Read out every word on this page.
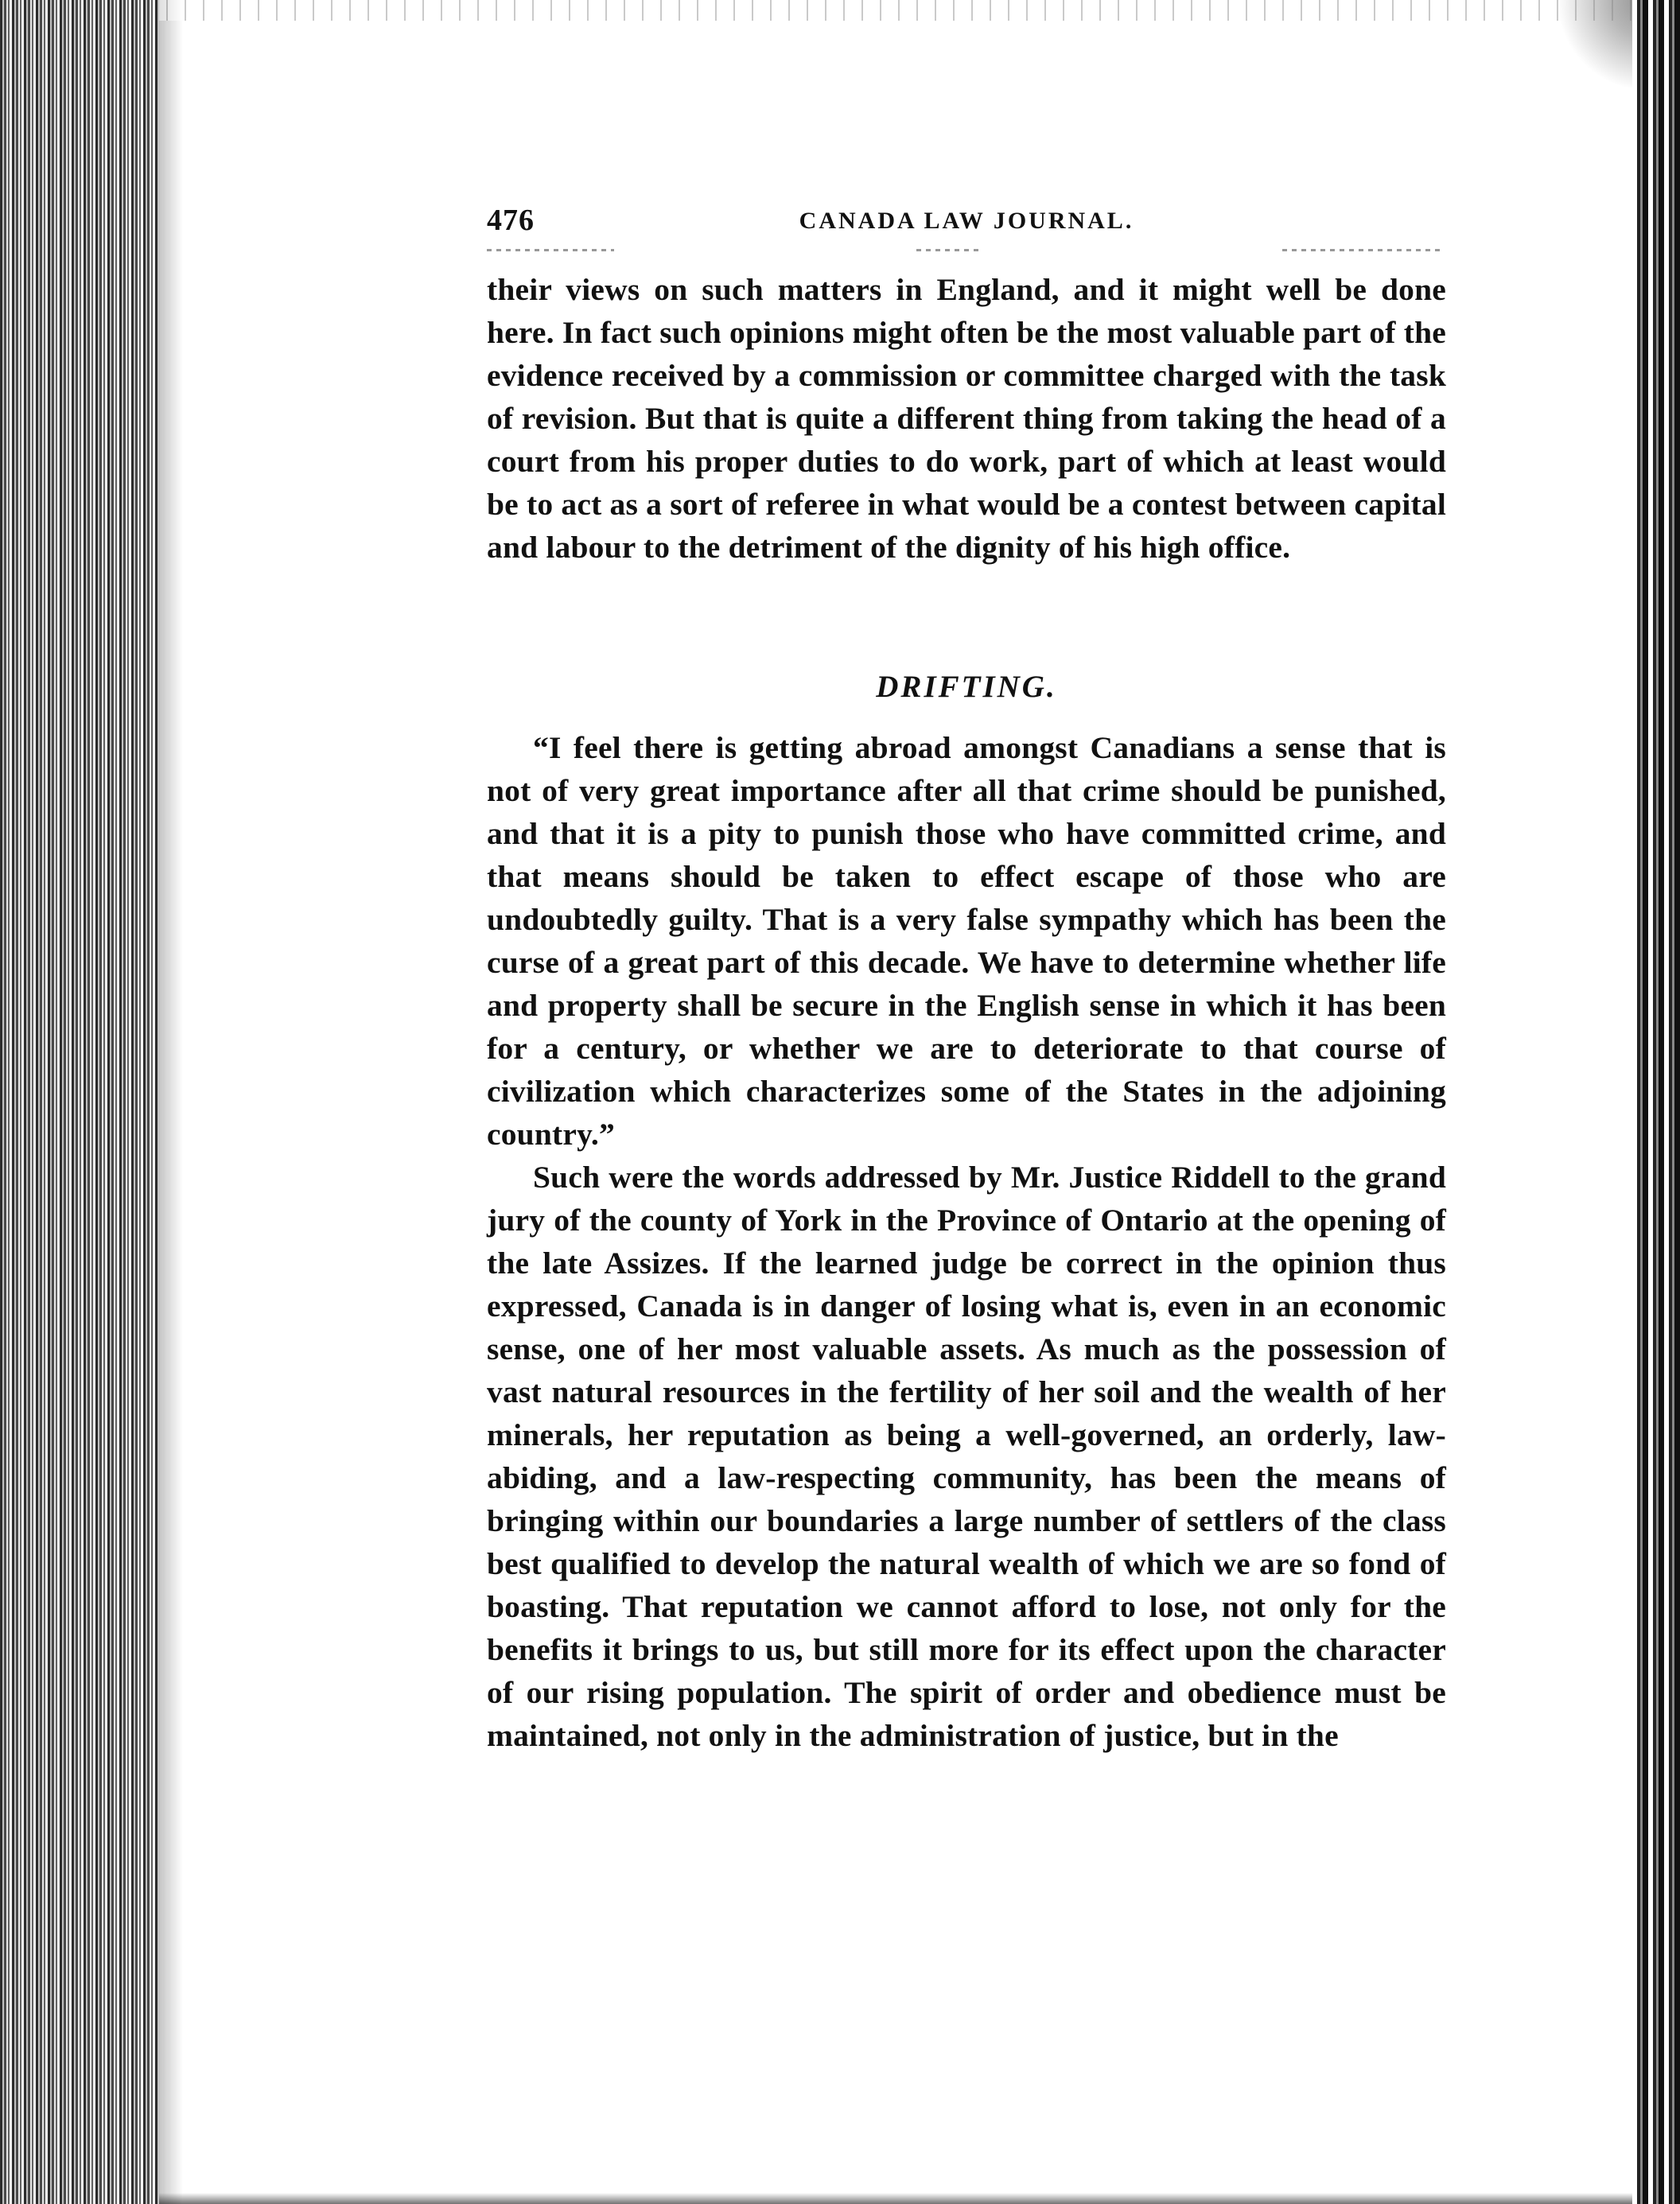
476	CANADA LAW JOURNAL.

their views on such matters in England, and it might well be done here. In fact such opinions might often be the most valuable part of the evidence received by a commission or committee charged with the task of revision. But that is quite a different thing from taking the head of a court from his proper duties to do work, part of which at least would be to act as a sort of referee in what would be a contest between capital and labour to the detriment of the dignity of his high office.

DRIFTING.

“I feel there is getting abroad amongst Canadians a sense that is not of very great importance after all that crime should be punished, and that it is a pity to punish those who have committed crime, and that means should be taken to effect escape of those who are undoubtedly guilty. That is a very false sympathy which has been the curse of a great part of this decade. We have to determine whether life and property shall be secure in the English sense in which it has been for a century, or whether we are to deteriorate to that course of civilization which characterizes some of the States in the adjoining country.”

Such were the words addressed by Mr. Justice Riddell to the grand jury of the county of York in the Province of Ontario at the opening of the late Assizes. If the learned judge be correct in the opinion thus expressed, Canada is in danger of losing what is, even in an economic sense, one of her most valuable assets. As much as the possession of vast natural resources in the fertility of her soil and the wealth of her minerals, her reputation as being a well-governed, an orderly, law-abiding, and a law-respecting community, has been the means of bringing within our boundaries a large number of settlers of the class best qualified to develop the natural wealth of which we are so fond of boasting. That reputation we cannot afford to lose, not only for the benefits it brings to us, but still more for its effect upon the character of our rising population. The spirit of order and obedience must be maintained, not only in the administration of justice, but in the
